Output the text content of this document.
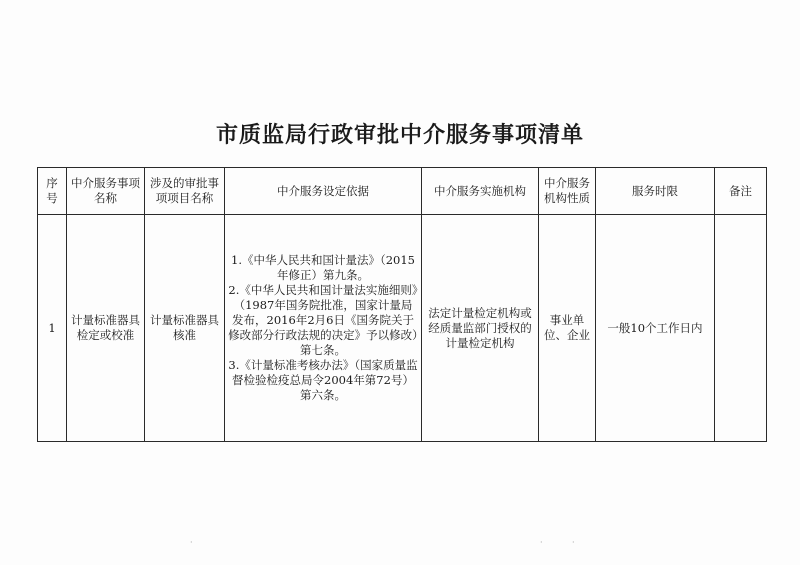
市质监局行政审批中介服务事项清单
序号	中介服务事项名称	涉及的审批事项项目名称	中介服务设定依据	中介服务实施机构	中介服务机构性质	服务时限	备注
1	计量标准器具检定或校准	计量标准器具核准	1.《中华人民共和国计量法》（2015年修正）第九条。
2.《中华人民共和国计量法实施细则》（1987年国务院批准，国家计量局发布，2016年2月6日《国务院关于修改部分行政法规的决定》予以修改）第七条。
3.《计量标准考核办法》（国家质量监督检验检疫总局令2004年第72号）第六条。	法定计量检定机构或经质量监部门授权的计量检定机构	事业单位、企业	一般10个工作日内	
·	·	·
